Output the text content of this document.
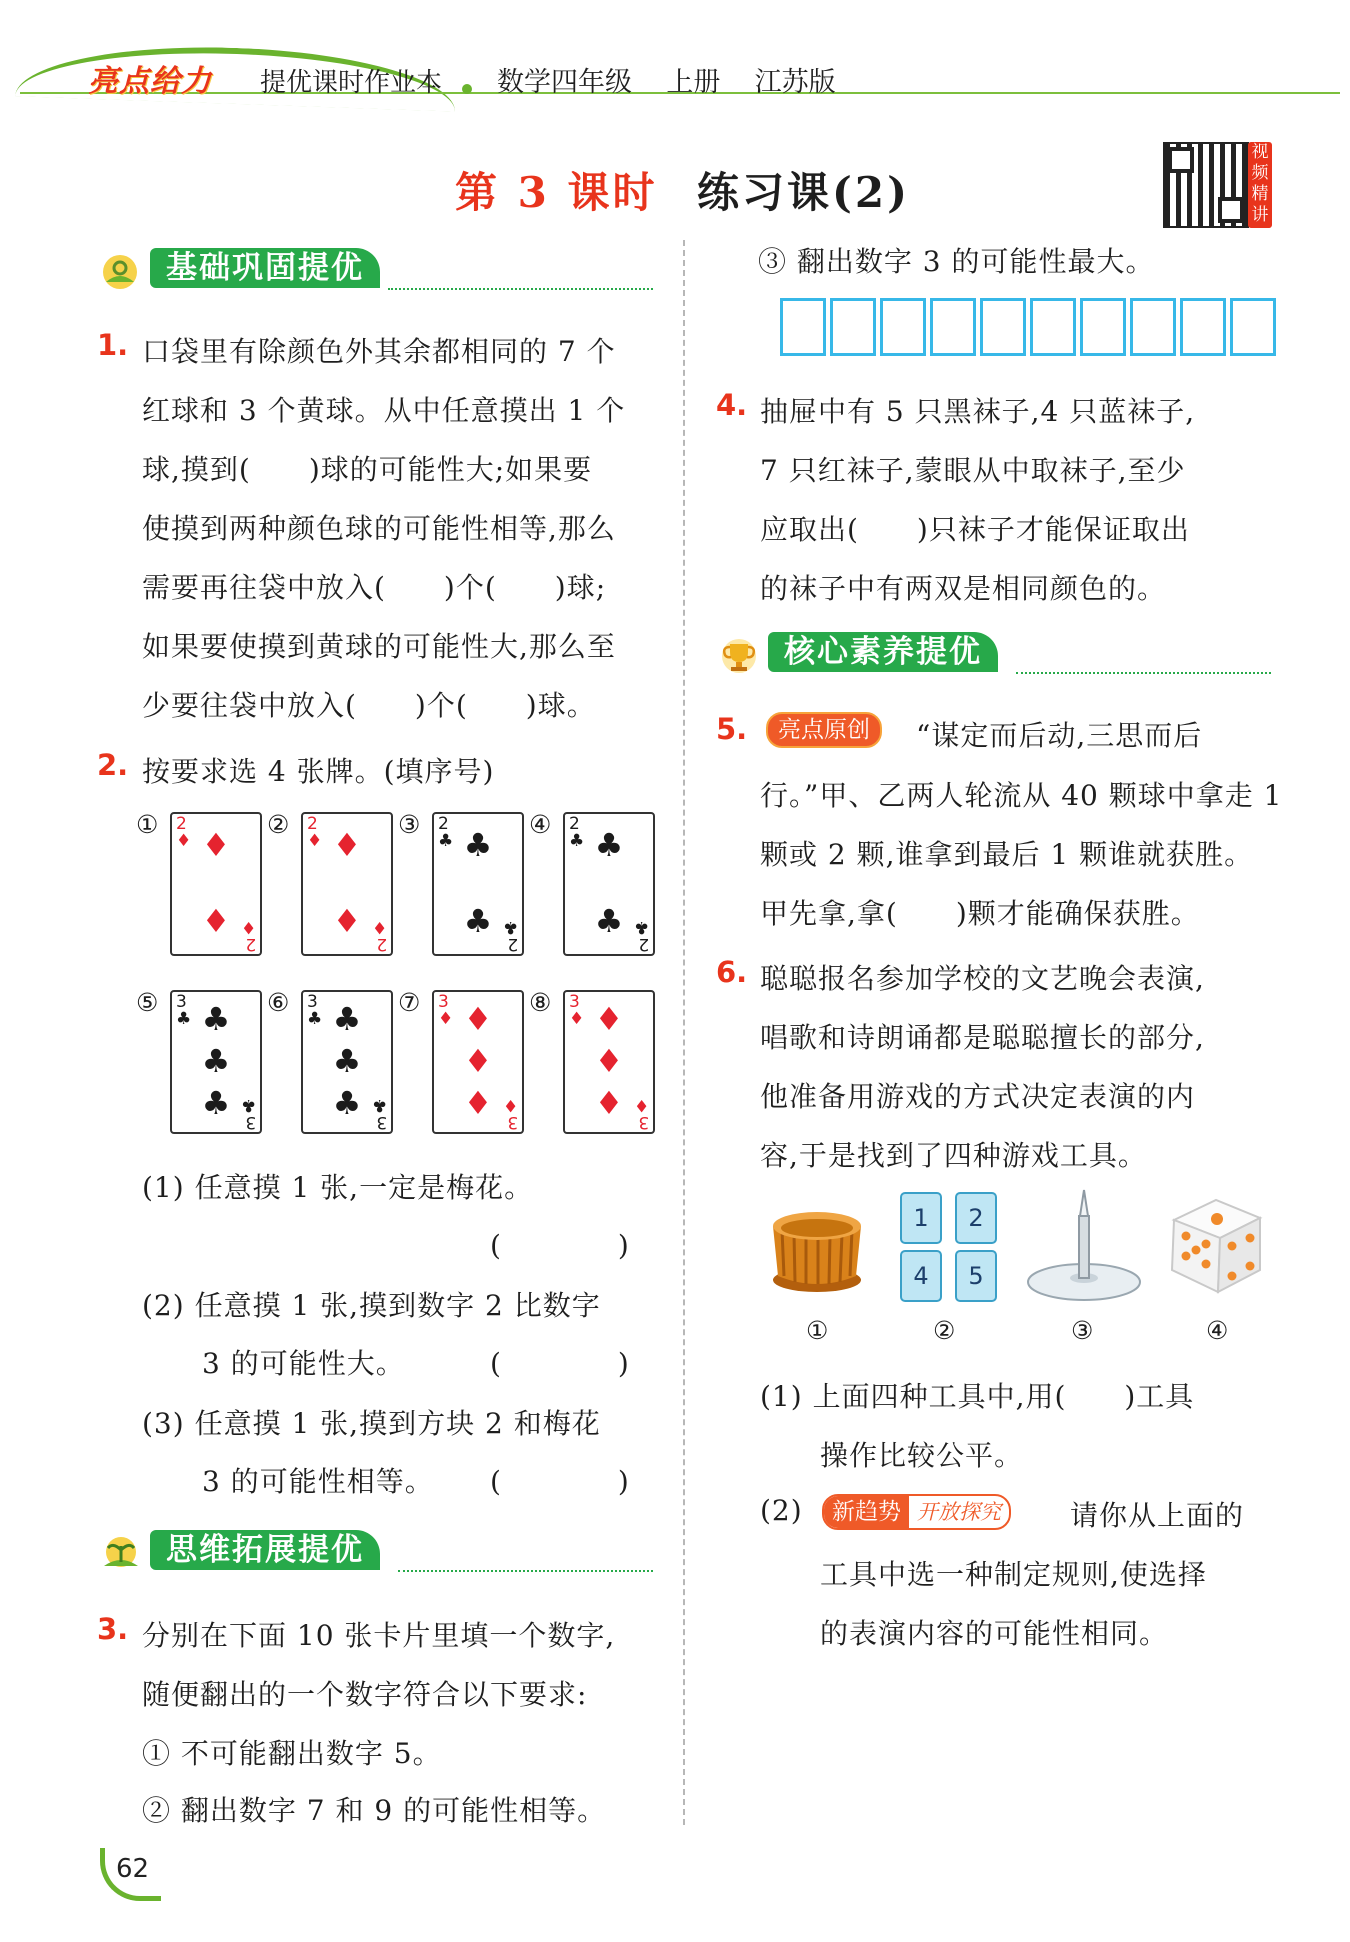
亮点给力 提优课时作业本 数学四年级    上册    江苏版
第 3 课时 练习课(2)
视频精讲
基础巩固提优
1. 口袋里有除颜色外其余都相同的 7 个
红球和 3 个黄球。从中任意摸出 1 个
球,摸到(　　)球的可能性大;如果要
使摸到两种颜色球的可能性相等,那么
需要再往袋中放入(　　)个(　　)球;
如果要使摸到黄球的可能性大,那么至
少要往袋中放入(　　)个(　　)球。
2. 按要求选 4 张牌。(填序号)
① 2
♦
2
♦
♦
♦
② 2
♦
2
♦
♦
♦
③ 2
♣
2
♣
♣
♣
④ 2
♣
2
♣
♣
♣
⑤ 3
♣
3
♣
♣
♣
♣
⑥ 3
♣
3
♣
♣
♣
♣
⑦ 3
♦
3
♦
♦
♦
♦
⑧ 3
♦
3
♦
♦
♦
♦
(1) 任意摸 1 张,一定是梅花。
(　　　　)
(2) 任意摸 1 张,摸到数字 2 比数字
3 的可能性大。	(　　　　)
(3) 任意摸 1 张,摸到方块 2 和梅花
3 的可能性相等。 (　　　　)
思维拓展提优
3. 分别在下面 10 张卡片里填一个数字,
随便翻出的一个数字符合以下要求:
① 不可能翻出数字 5。
② 翻出数字 7 和 9 的可能性相等。
③ 翻出数字 3 的可能性最大。
4. 抽屉中有 5 只黑袜子,4 只蓝袜子,
7 只红袜子,蒙眼从中取袜子,至少
应取出(　　)只袜子才能保证取出
的袜子中有两双是相同颜色的。
核心素养提优
5.	亮点原创	“谋定而后动,三思而后
行。”甲、乙两人轮流从 40 颗球中拿走 1
颗或 2 颗,谁拿到最后 1 颗谁就获胜。
甲先拿,拿(　　)颗才能确保获胜。
6. 聪聪报名参加学校的文艺晚会表演,
唱歌和诗朗诵都是聪聪擅长的部分,
他准备用游戏的方式决定表演的内
容,于是找到了四种游戏工具。
1	2
4	5
①	②	③	④
(1) 上面四种工具中,用(　　)工具
操作比较公平。
(2)	新趋势 开放探究 请你从上面的
工具中选一种制定规则,使选择
的表演内容的可能性相同。
62
